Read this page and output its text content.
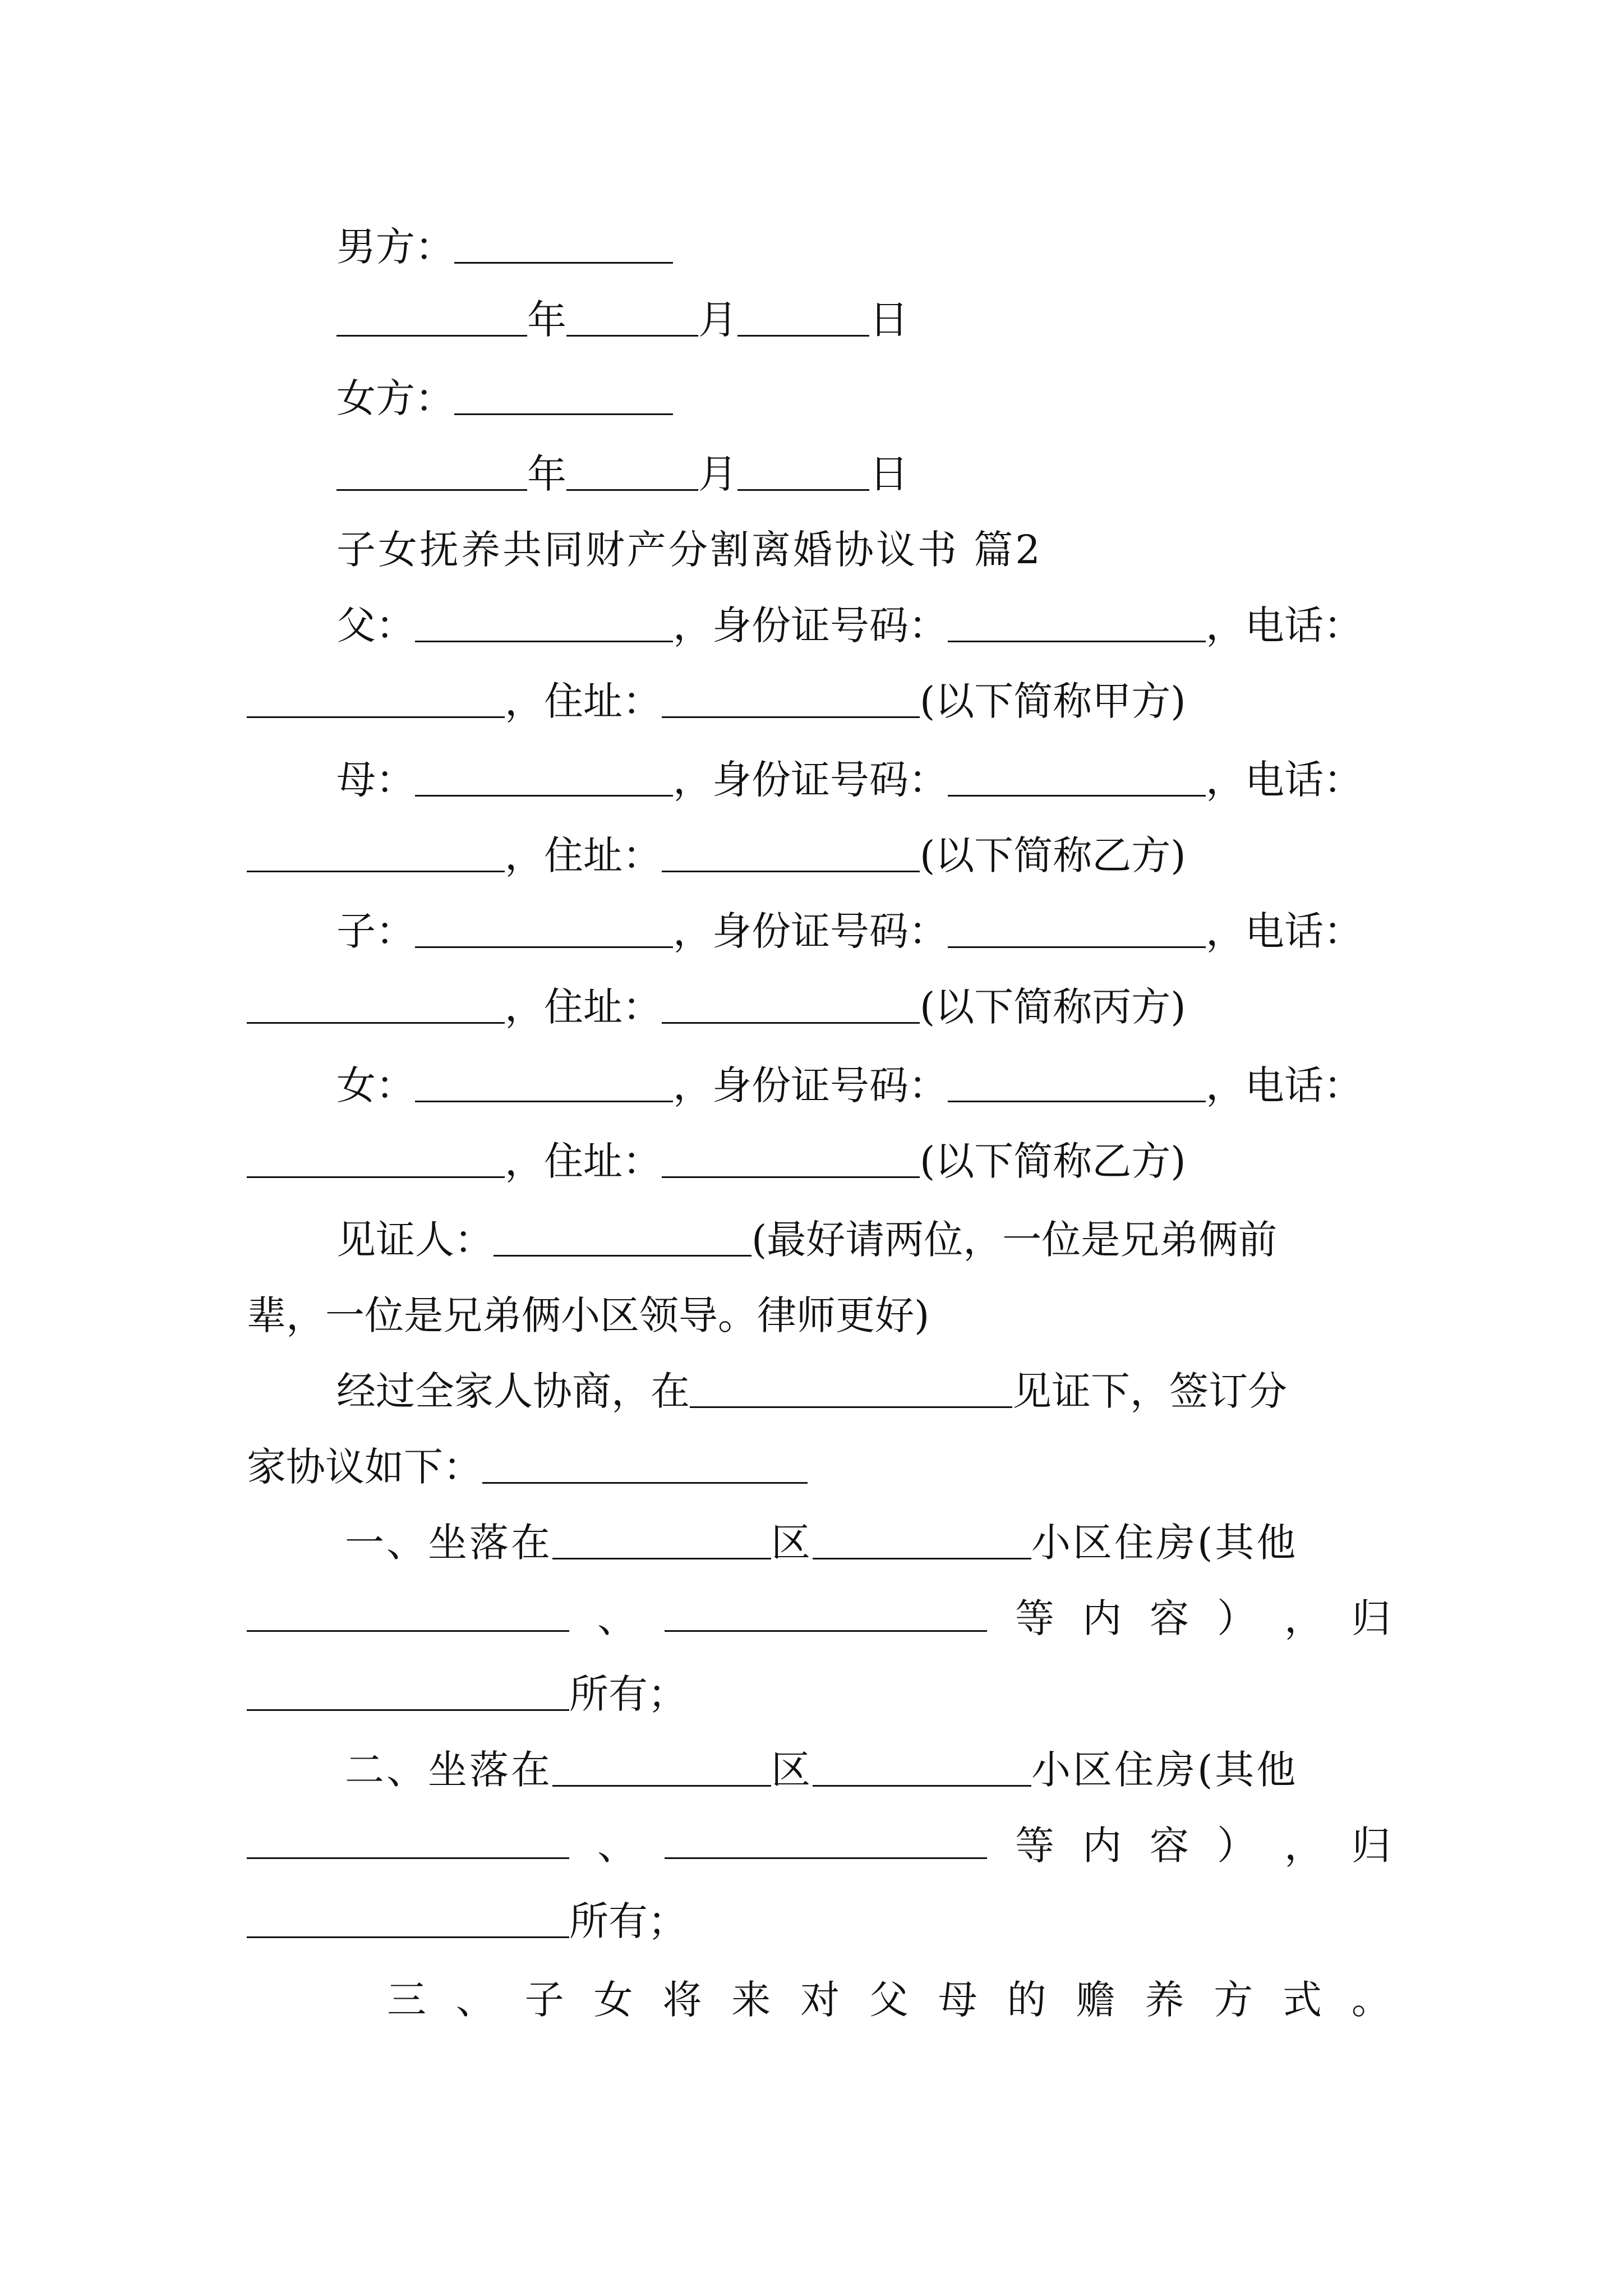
男方：
年	月	日
女方：
年	月	日
子女抚养共同财产分割离婚协议书 篇2
父：	，身份证号码：	，电话：
，住址：	(以下简称甲方)
母：	，身份证号码：	，电话：
，住址：	(以下简称乙方)
子：	，身份证号码：	，电话：
，住址：	(以下简称丙方)
女：	，身份证号码：	，电话：
，住址：	(以下简称乙方)
见证人：	(最好请两位，一位是兄弟俩前
辈，一位是兄弟俩小区领导。律师更好)
经过全家人协商，在	见证下，签订分
家协议如下：
一、坐落在	区	小区住房(其他
、	等 内 容 ） ， 归
所有；
二、坐落在	区	小区住房(其他
、	等 内 容 ） ， 归
所有；
三 、 子 女 将 来 对 父 母 的 赡 养 方 式 。
